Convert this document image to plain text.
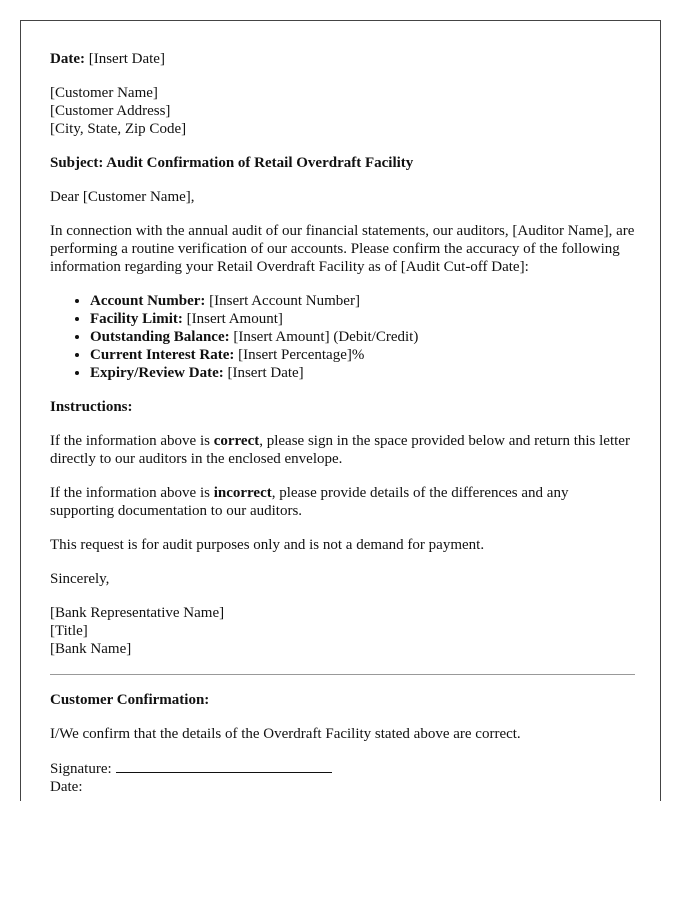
Date: [Insert Date]
[Customer Name]
[Customer Address]
[City, State, Zip Code]
Subject: Audit Confirmation of Retail Overdraft Facility
Dear [Customer Name],
In connection with the annual audit of our financial statements, our auditors, [Auditor Name], are performing a routine verification of our accounts. Please confirm the accuracy of the following information regarding your Retail Overdraft Facility as of [Audit Cut-off Date]:
• Account Number: [Insert Account Number]
• Facility Limit: [Insert Amount]
• Outstanding Balance: [Insert Amount] (Debit/Credit)
• Current Interest Rate: [Insert Percentage]%
• Expiry/Review Date: [Insert Date]
Instructions:
If the information above is correct, please sign in the space provided below and return this letter directly to our auditors in the enclosed envelope.
If the information above is incorrect, please provide details of the differences and any supporting documentation to our auditors.
This request is for audit purposes only and is not a demand for payment.
Sincerely,
[Bank Representative Name]
[Title]
[Bank Name]
Customer Confirmation:
I/We confirm that the details of the Overdraft Facility stated above are correct.
Signature:
Date:
